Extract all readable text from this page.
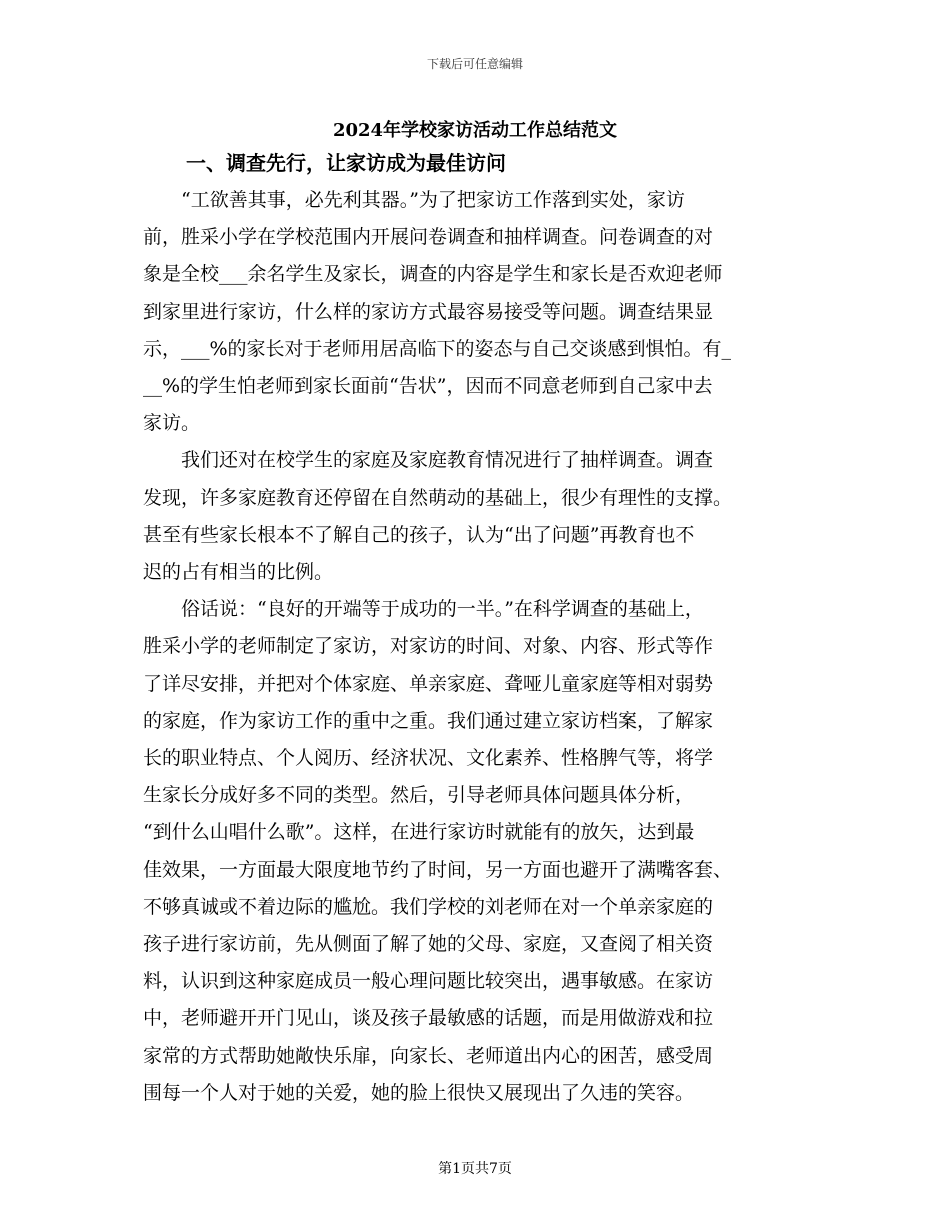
下载后可任意编辑
2024年学校家访活动工作总结范文
一、调查先行，让家访成为最佳访问
　　“工欲善其事，必先利其器。”为了把家访工作落到实处，家访
前，胜采小学在学校范围内开展问卷调查和抽样调查。问卷调查的对
象是全校___余名学生及家长，调查的内容是学生和家长是否欢迎老师
到家里进行家访，什么样的家访方式最容易接受等问题。调查结果显
示，___%的家长对于老师用居高临下的姿态与自己交谈感到惧怕。有_
__%的学生怕老师到家长面前“告状”，因而不同意老师到自己家中去
家访。
　　我们还对在校学生的家庭及家庭教育情况进行了抽样调查。调查
发现，许多家庭教育还停留在自然萌动的基础上，很少有理性的支撑。
甚至有些家长根本不了解自己的孩子，认为“出了问题”再教育也不
迟的占有相当的比例。
　　俗话说：“良好的开端等于成功的一半。”在科学调查的基础上，
胜采小学的老师制定了家访，对家访的时间、对象、内容、形式等作
了详尽安排，并把对个体家庭、单亲家庭、聋哑儿童家庭等相对弱势
的家庭，作为家访工作的重中之重。我们通过建立家访档案，了解家
长的职业特点、个人阅历、经济状况、文化素养、性格脾气等，将学
生家长分成好多不同的类型。然后，引导老师具体问题具体分析，
“到什么山唱什么歌”。这样，在进行家访时就能有的放矢，达到最
佳效果，一方面最大限度地节约了时间，另一方面也避开了满嘴客套、
不够真诚或不着边际的尴尬。我们学校的刘老师在对一个单亲家庭的
孩子进行家访前，先从侧面了解了她的父母、家庭，又查阅了相关资
料，认识到这种家庭成员一般心理问题比较突出，遇事敏感。在家访
中，老师避开开门见山，谈及孩子最敏感的话题，而是用做游戏和拉
家常的方式帮助她敞快乐扉，向家长、老师道出内心的困苦，感受周
围每一个人对于她的关爱，她的脸上很快又展现出了久违的笑容。
第1页共7页
